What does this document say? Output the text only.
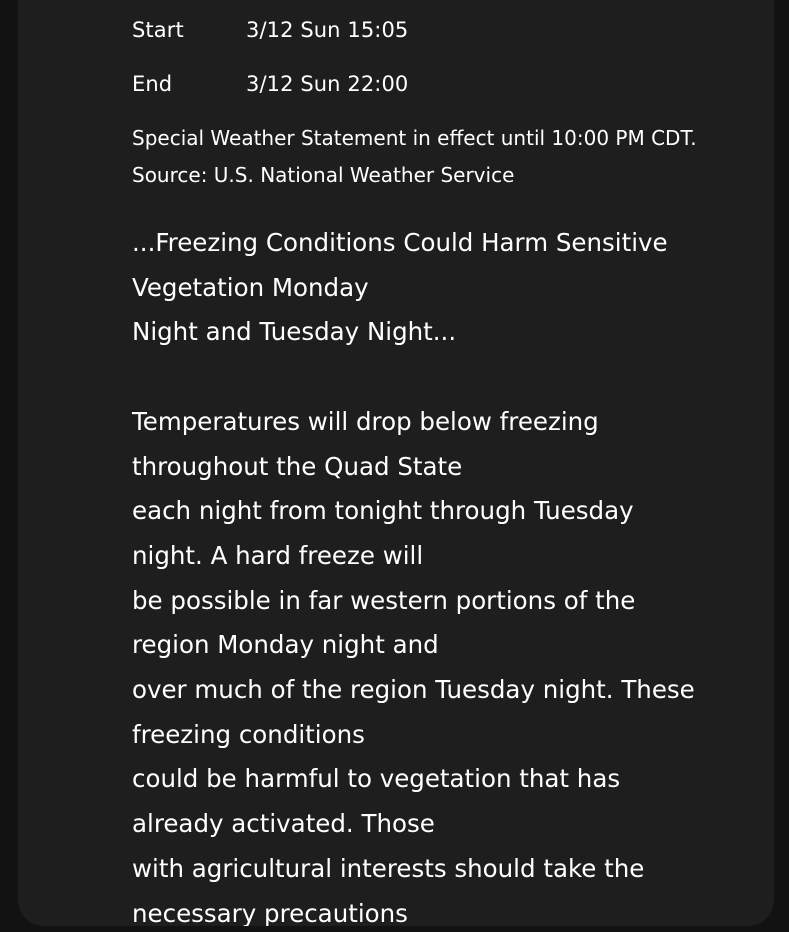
Start	3/12 Sun 15:05
End	3/12 Sun 22:00
Special Weather Statement in effect until 10:00 PM CDT.
Source: U.S. National Weather Service
...Freezing Conditions Could Harm Sensitive
Vegetation Monday
Night and Tuesday Night...

Temperatures will drop below freezing
throughout the Quad State
each night from tonight through Tuesday
night. A hard freeze will
be possible in far western portions of the
region Monday night and
over much of the region Tuesday night. These
freezing conditions
could be harmful to vegetation that has
already activated. Those
with agricultural interests should take the
necessary precautions
